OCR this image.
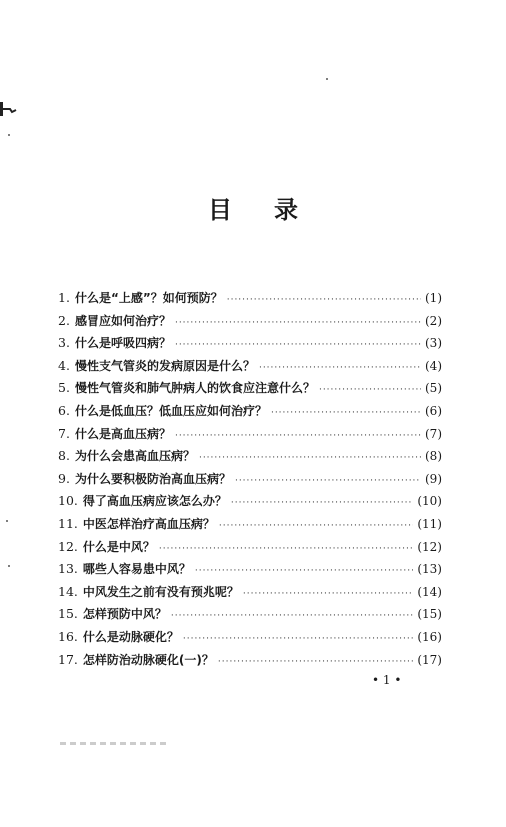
目 录
1. 什么是“上感”？如何预防？ ·····	(1)
2. 感冒应如何治疗？ ·····	(2)
3. 什么是呼吸四病？ ·····	(3)
4. 慢性支气管炎的发病原因是什么？ ·····	(4)
5. 慢性气管炎和肺气肿病人的饮食应注意什么？ ·····	(5)
6. 什么是低血压？低血压应如何治疗？ ·····	(6)
7. 什么是高血压病？ ·····	(7)
8. 为什么会患高血压病？ ·····	(8)
9. 为什么要积极防治高血压病？ ·····	(9)
10. 得了高血压病应该怎么办？ ·····	(10)
11. 中医怎样治疗高血压病？ ·····	(11)
12. 什么是中风？ ·····	(12)
13. 哪些人容易患中风？ ·····	(13)
14. 中风发生之前有没有预兆呢？ ·····	(14)
15. 怎样预防中风？ ·····	(15)
16. 什么是动脉硬化？ ·····	(16)
17. 怎样防治动脉硬化(一)？ ·····	(17)
• 1 •
